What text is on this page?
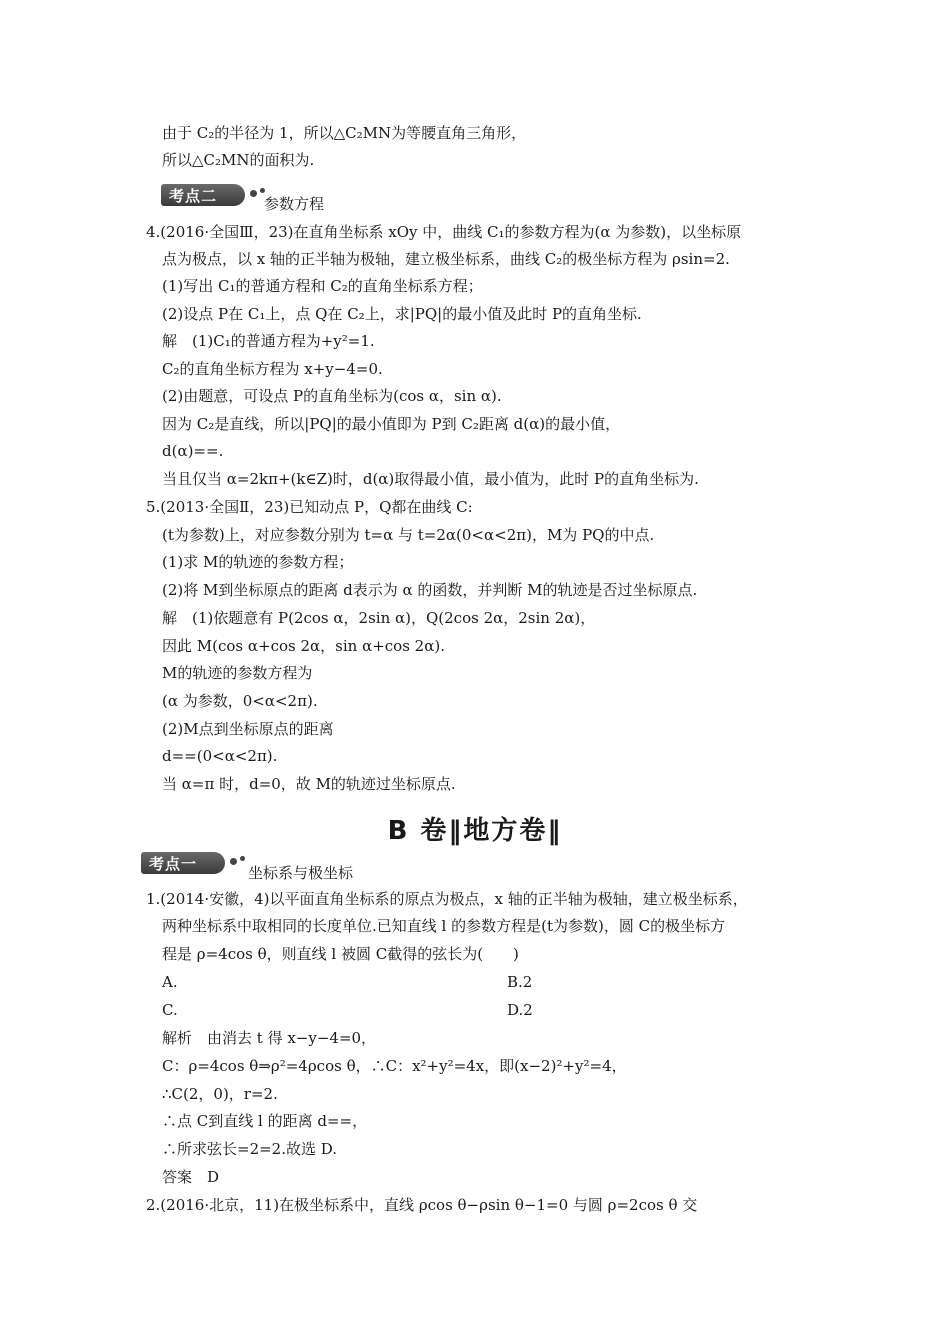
由于 C₂的半径为 1，所以△C₂MN为等腰直角三角形，
所以△C₂MN的面积为.
考点二	参数方程
4.(2016·全国Ⅲ，23)在直角坐标系 xOy 中，曲线 C₁的参数方程为(α 为参数)，以坐标原
点为极点，以 x 轴的正半轴为极轴，建立极坐标系，曲线 C₂的极坐标方程为 ρsin=2.
(1)写出 C₁的普通方程和 C₂的直角坐标系方程；
(2)设点 P在 C₁上，点 Q在 C₂上，求|PQ|的最小值及此时 P的直角坐标.
解　(1)C₁的普通方程为+y²=1.
C₂的直角坐标方程为 x+y−4=0.
(2)由题意，可设点 P的直角坐标为(cos α，sin α).
因为 C₂是直线，所以|PQ|的最小值即为 P到 C₂距离 d(α)的最小值，
d(α)==.
当且仅当 α=2kπ+(k∈Z)时，d(α)取得最小值，最小值为，此时 P的直角坐标为.
5.(2013·全国Ⅱ，23)已知动点 P，Q都在曲线 C:
(t为参数)上，对应参数分别为 t=α 与 t=2α(0<α<2π)，M为 PQ的中点.
(1)求 M的轨迹的参数方程；
(2)将 M到坐标原点的距离 d表示为 α 的函数，并判断 M的轨迹是否过坐标原点.
解　(1)依题意有 P(2cos α，2sin α)，Q(2cos 2α，2sin 2α)，
因此 M(cos α+cos 2α，sin α+cos 2α).
M的轨迹的参数方程为
(α 为参数，0<α<2π).
(2)M点到坐标原点的距离
d==(0<α<2π).
当 α=π 时，d=0，故 M的轨迹过坐标原点.
B 卷‖地方卷‖
考点一
坐标系与极坐标
1.(2014·安徽，4)以平面直角坐标系的原点为极点，x 轴的正半轴为极轴，建立极坐标系，
两种坐标系中取相同的长度单位.已知直线 l 的参数方程是(t为参数)，圆 C的极坐标方
程是 ρ=4cos θ，则直线 l 被圆 C截得的弦长为(　　)
A.	B.2
C.	D.2
解析　由消去 t 得 x−y−4=0，
C：ρ=4cos θ⇒ρ²=4ρcos θ，∴C：x²+y²=4x，即(x−2)²+y²=4，
∴C(2，0)，r=2.
∴点 C到直线 l 的距离 d==，
∴所求弦长=2=2.故选 D.
答案　D
2.(2016·北京，11)在极坐标系中，直线 ρcos θ−ρsin θ−1=0 与圆 ρ=2cos θ 交
